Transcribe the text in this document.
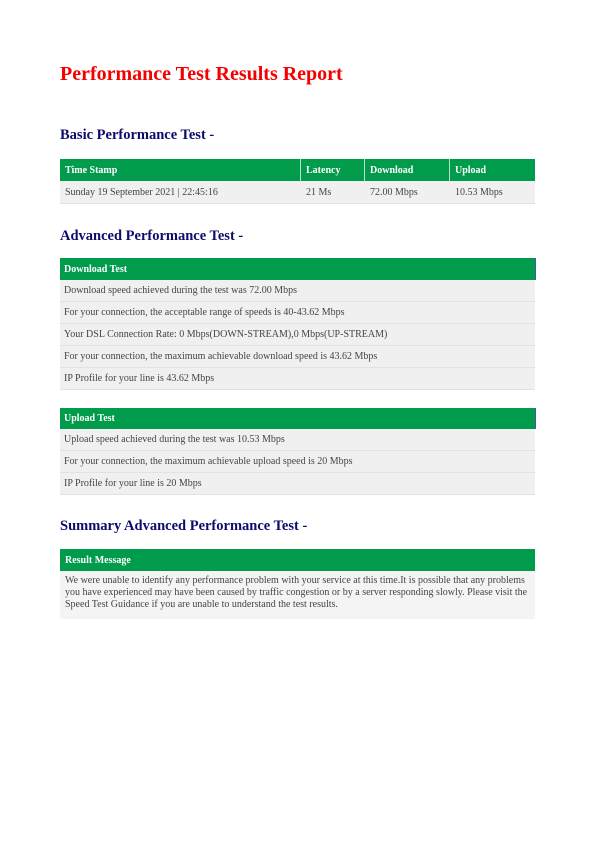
Performance Test Results Report
Basic Performance Test -
Time Stamp	Latency	Download	Upload
Sunday 19 September 2021 | 22:45:16	21 Ms	72.00 Mbps	10.53 Mbps
Advanced Performance Test -
Download Test
Download speed achieved during the test was 72.00 Mbps
For your connection, the acceptable range of speeds is 40-43.62 Mbps
Your DSL Connection Rate: 0 Mbps(DOWN-STREAM),0 Mbps(UP-STREAM)
For your connection, the maximum achievable download speed is 43.62 Mbps
IP Profile for your line is 43.62 Mbps
Upload Test
Upload speed achieved during the test was 10.53 Mbps
For your connection, the maximum achievable upload speed is 20 Mbps
IP Profile for your line is 20 Mbps
Summary Advanced Performance Test -
Result Message
We were unable to identify any performance problem with your service at this time.It is possible that any problems you have experienced may have been caused by traffic congestion or by a server responding slowly. Please visit the Speed Test Guidance if you are unable to understand the test results.
